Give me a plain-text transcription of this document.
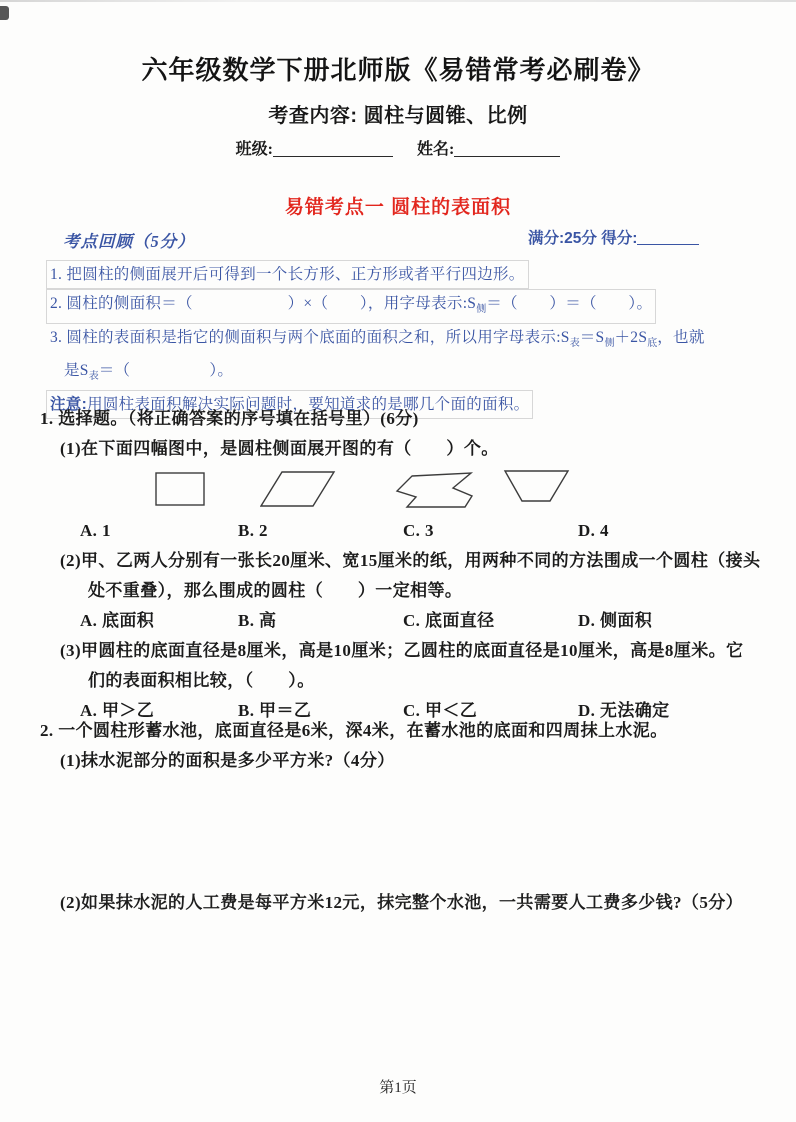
六年级数学下册北师版《易错常考必刷卷》
考查内容: 圆柱与圆锥、比例
班级:	姓名:
易错考点一 圆柱的表面积
考点回顾（5分）	满分:25分 得分:
1. 把圆柱的侧面展开后可得到一个长方形、正方形或者平行四边形。
2. 圆柱的侧面积＝（　　　　　　）×（　　），用字母表示$:S_侧=$（　　）＝（　　）。
3. 圆柱的表面积是指它的侧面积与两个底面的面积之和，所以用字母表示$:S_表=S_侧+2S_底$，也就
是$S_表=$（　　　　　）。
注意:用圆柱表面积解决实际问题时，要知道求的是哪几个面的面积。
1. 选择题。（将正确答案的序号填在括号里）(6分)
(1)在下面四幅图中，是圆柱侧面展开图的有（　　）个。
A. 1	B. 2	C. 3	D. 4
(2)甲、乙两人分别有一张长20厘米、宽15厘米的纸，用两种不同的方法围成一个圆柱（接头
处不重叠），那么围成的圆柱（　　）一定相等。
A. 底面积	B. 高	C. 底面直径	D. 侧面积
(3)甲圆柱的底面直径是8厘米，高是10厘米；乙圆柱的底面直径是10厘米，高是8厘米。它
们的表面积相比较，（　　）。
A. 甲＞乙	B. 甲＝乙	C. 甲＜乙	D. 无法确定
2. 一个圆柱形蓄水池，底面直径是6米，深4米，在蓄水池的底面和四周抹上水泥。
(1)抹水泥部分的面积是多少平方米?（4分）
(2)如果抹水泥的人工费是每平方米12元，抹完整个水池，一共需要人工费多少钱?（5分）
第1页
